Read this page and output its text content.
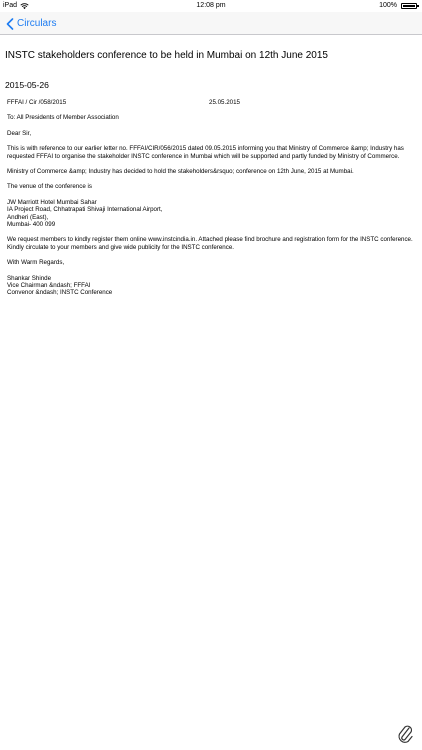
iPad	12:08 pm	100%
Circulars
INSTC stakeholders conference to be held in Mumbai on 12th June 2015
2015-05-26
FFFAI / Cir /058/2015	25.05.2015

To: All Presidents of Member Association

Dear Sir,

This is with reference to our earlier letter no. FFFAI/CIR/056/2015 dated 09.05.2015 informing you that Ministry of Commerce &amp; Industry has requested FFFAI to organise the stakeholder INSTC conference in Mumbai which will be supported and partly funded by Ministry of Commerce.

Ministry of Commerce &amp; Industry has decided to hold the stakeholders&rsquo; conference on 12th June, 2015 at Mumbai.

The venue of the conference is

JW Marriott Hotel Mumbai Sahar

IA Project Road, Chhatrapati Shivaji International Airport,

Andheri (East),

Mumbai- 400 099

We request members to kindly register them online www.instcindia.in. Attached please find brochure and registration form for the INSTC conference. Kindly circulate to your members and give wide publicity for the INSTC conference.

With Warm Regards,

Shankar Shinde

Vice Chairman &ndash; FFFAI

Convenor &ndash; INSTC Conference
